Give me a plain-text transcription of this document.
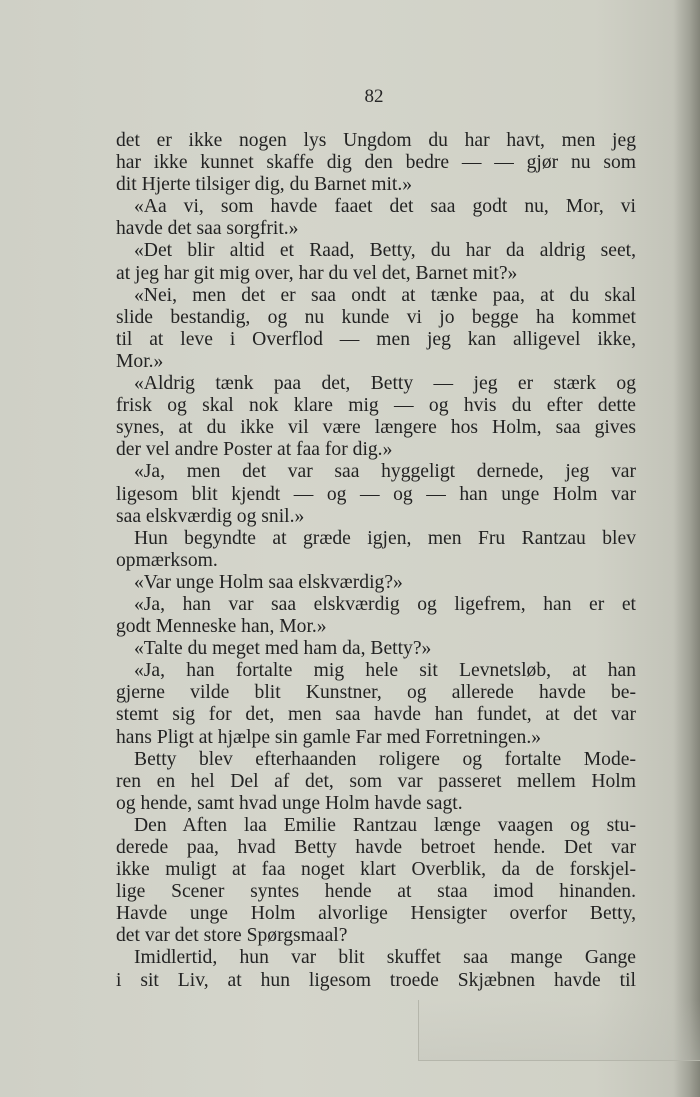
82
det er ikke nogen lys Ungdom du har havt, men jeg
har ikke kunnet skaffe dig den bedre — — gjør nu som
dit Hjerte tilsiger dig, du Barnet mit.»
«Aa vi, som havde faaet det saa godt nu, Mor, vi
havde det saa sorgfrit.»
«Det blir altid et Raad, Betty, du har da aldrig seet,
at jeg har git mig over, har du vel det, Barnet mit?»
«Nei, men det er saa ondt at tænke paa, at du skal
slide bestandig, og nu kunde vi jo begge ha kommet
til at leve i Overflod — men jeg kan alligevel ikke,
Mor.»
«Aldrig tænk paa det, Betty — jeg er stærk og
frisk og skal nok klare mig — og hvis du efter dette
synes, at du ikke vil være længere hos Holm, saa gives
der vel andre Poster at faa for dig.»
«Ja, men det var saa hyggeligt dernede, jeg var
ligesom blit kjendt — og — og — han unge Holm var
saa elskværdig og snil.»
Hun begyndte at græde igjen, men Fru Rantzau blev
opmærksom.
«Var unge Holm saa elskværdig?»
«Ja, han var saa elskværdig og ligefrem, han er et
godt Menneske han, Mor.»
«Talte du meget med ham da, Betty?»
«Ja, han fortalte mig hele sit Levnetsløb, at han
gjerne vilde blit Kunstner, og allerede havde be-
stemt sig for det, men saa havde han fundet, at det var
hans Pligt at hjælpe sin gamle Far med Forretningen.»
Betty blev efterhaanden roligere og fortalte Mode-
ren en hel Del af det, som var passeret mellem Holm
og hende, samt hvad unge Holm havde sagt.
Den Aften laa Emilie Rantzau længe vaagen og stu-
derede paa, hvad Betty havde betroet hende. Det var
ikke muligt at faa noget klart Overblik, da de forskjel-
lige Scener syntes hende at staa imod hinanden.
Havde unge Holm alvorlige Hensigter overfor Betty,
det var det store Spørgsmaal?
Imidlertid, hun var blit skuffet saa mange Gange
i sit Liv, at hun ligesom troede Skjæbnen havde til
